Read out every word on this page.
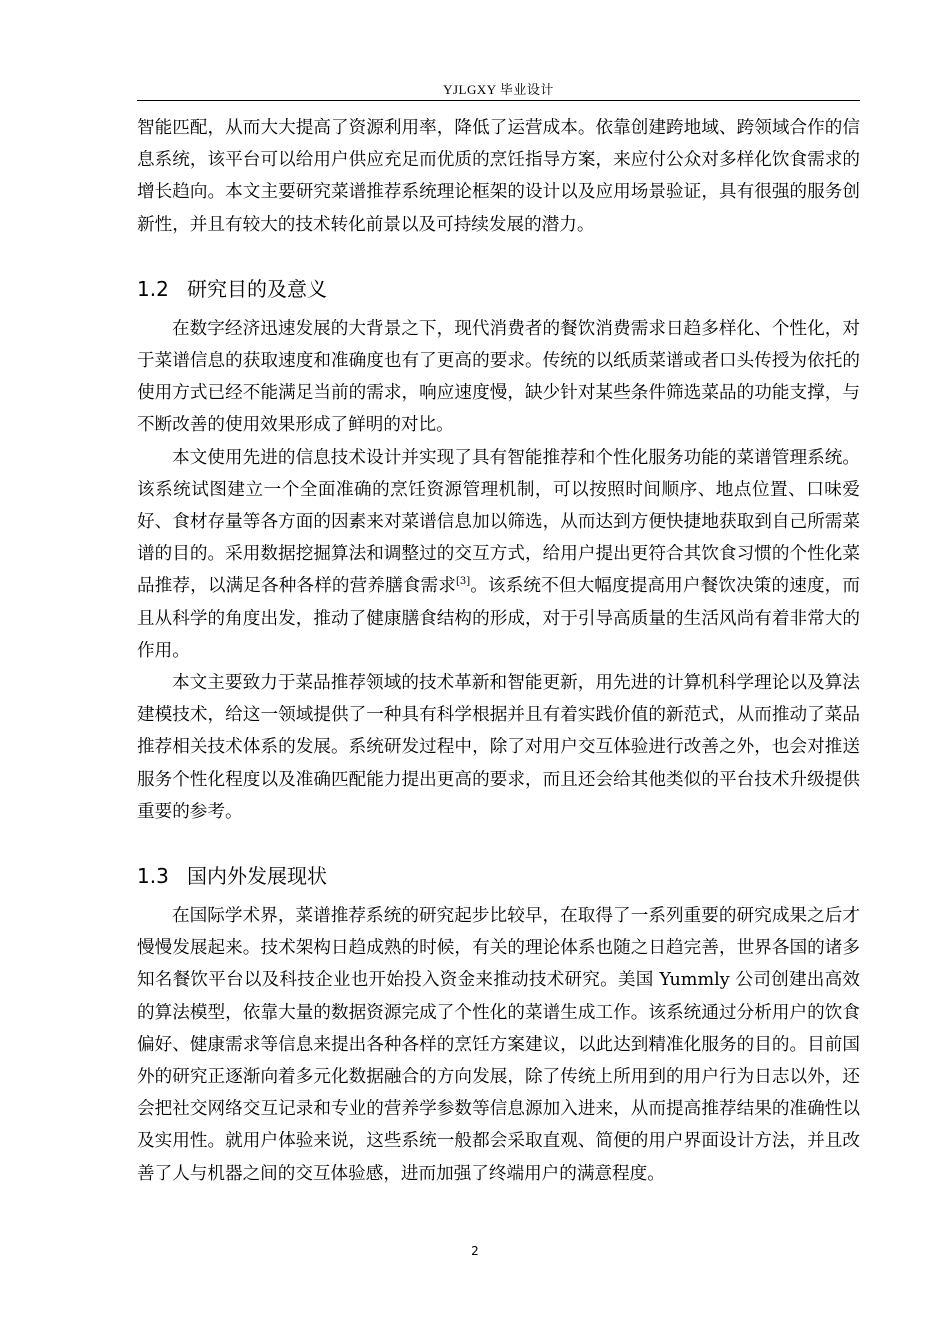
YJLGXY 毕业设计

智能匹配，从而大大提高了资源利用率，降低了运营成本。依靠创建跨地域、跨领域合作的信息系统，该平台可以给用户供应充足而优质的烹饪指导方案，来应付公众对多样化饮食需求的增长趋向。本文主要研究菜谱推荐系统理论框架的设计以及应用场景验证，具有很强的服务创新性，并且有较大的技术转化前景以及可持续发展的潜力。

1.2 研究目的及意义

在数字经济迅速发展的大背景之下，现代消费者的餐饮消费需求日趋多样化、个性化，对于菜谱信息的获取速度和准确度也有了更高的要求。传统的以纸质菜谱或者口头传授为依托的使用方式已经不能满足当前的需求，响应速度慢，缺少针对某些条件筛选菜品的功能支撑，与不断改善的使用效果形成了鲜明的对比。

本文使用先进的信息技术设计并实现了具有智能推荐和个性化服务功能的菜谱管理系统。该系统试图建立一个全面准确的烹饪资源管理机制，可以按照时间顺序、地点位置、口味爱好、食材存量等各方面的因素来对菜谱信息加以筛选，从而达到方便快捷地获取到自己所需菜谱的目的。采用数据挖掘算法和调整过的交互方式，给用户提出更符合其饮食习惯的个性化菜品推荐，以满足各种各样的营养膳食需求[3]。该系统不但大幅度提高用户餐饮决策的速度，而且从科学的角度出发，推动了健康膳食结构的形成，对于引导高质量的生活风尚有着非常大的作用。

本文主要致力于菜品推荐领域的技术革新和智能更新，用先进的计算机科学理论以及算法建模技术，给这一领域提供了一种具有科学根据并且有着实践价值的新范式，从而推动了菜品推荐相关技术体系的发展。系统研发过程中，除了对用户交互体验进行改善之外，也会对推送服务个性化程度以及准确匹配能力提出更高的要求，而且还会给其他类似的平台技术升级提供重要的参考。

1.3 国内外发展现状

在国际学术界，菜谱推荐系统的研究起步比较早，在取得了一系列重要的研究成果之后才慢慢发展起来。技术架构日趋成熟的时候，有关的理论体系也随之日趋完善，世界各国的诸多知名餐饮平台以及科技企业也开始投入资金来推动技术研究。美国 Yummly 公司创建出高效的算法模型，依靠大量的数据资源完成了个性化的菜谱生成工作。该系统通过分析用户的饮食偏好、健康需求等信息来提出各种各样的烹饪方案建议，以此达到精准化服务的目的。目前国外的研究正逐渐向着多元化数据融合的方向发展，除了传统上所用到的用户行为日志以外，还会把社交网络交互记录和专业的营养学参数等信息源加入进来，从而提高推荐结果的准确性以及实用性。就用户体验来说，这些系统一般都会采取直观、简便的用户界面设计方法，并且改善了人与机器之间的交互体验感，进而加强了终端用户的满意程度。

2
